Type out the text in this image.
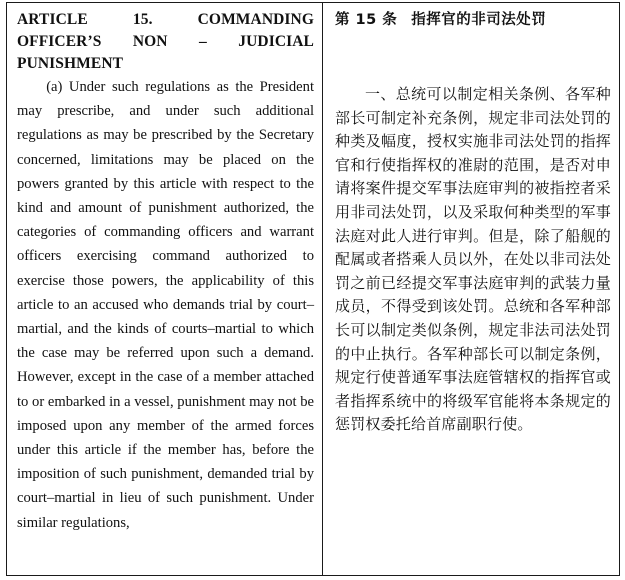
ARTICLE 15. COMMANDING OFFICER’S NON – JUDICIAL PUNISHMENT

(a) Under such regulations as the President may prescribe, and under such additional regulations as may be prescribed by the Secretary concerned, limitations may be placed on the powers granted by this article with respect to the kind and amount of punishment authorized, the categories of commanding officers and warrant officers exercising command authorized to exercise those powers, the applicability of this article to an accused who demands trial by court–martial, and the kinds of courts–martial to which the case may be referred upon such a demand. However, except in the case of a member attached to or embarked in a vessel, punishment may not be imposed upon any member of the armed forces under this article if the member has, before the imposition of such punishment, demanded trial by court–martial in lieu of such punishment. Under similar regulations,

第 15 条 指挥官的非司法处罚

一、总统可以制定相关条例、各军种部长可制定补充条例，规定非司法处罚的种类及幅度，授权实施非司法处罚的指挥官和行使指挥权的准尉的范围，是否对申请将案件提交军事法庭审判的被指控者采用非司法处罚，以及采取何种类型的军事法庭对此人进行审判。但是，除了船舰的配属或者搭乘人员以外，在处以非司法处罚之前已经提交军事法庭审判的武装力量成员，不得受到该处罚。总统和各军种部长可以制定类似条例，规定非法司法处罚的中止执行。各军种部长可以制定条例，规定行使普通军事法庭管辖权的指挥官或者指挥系统中的将级军官能将本条规定的惩罚权委托给首席副职行使。
